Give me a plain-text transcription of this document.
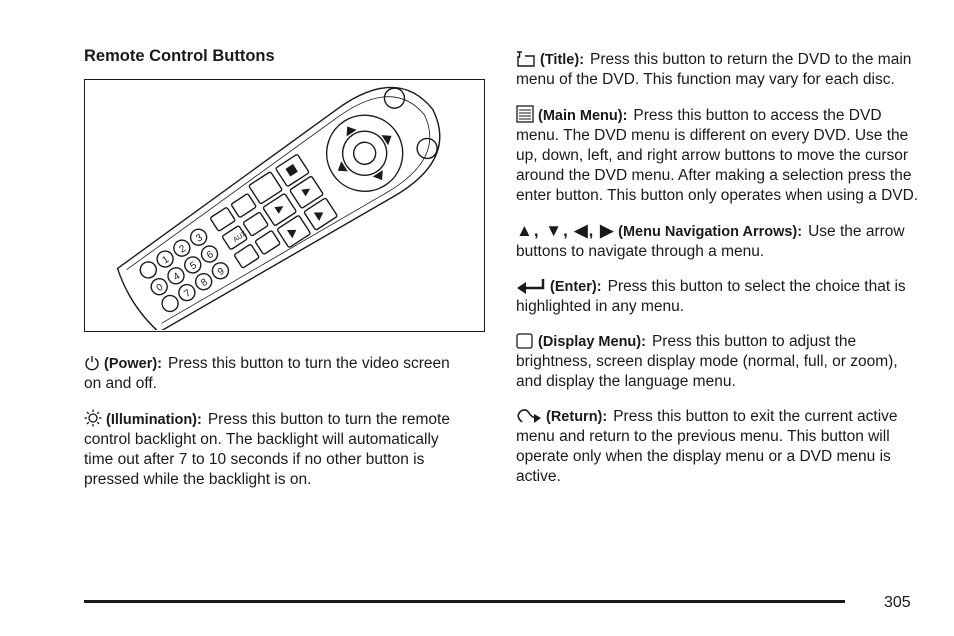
Remote Control Buttons
1
2
3
4
5
6
7
8
9
0
AUX

(Power): Press this button to turn the video screen on and off.

(Illumination): Press this button to turn the remote control backlight on. The backlight will automatically time out after 7 to 10 seconds if no other button is pressed while the backlight is on.

(Title): Press this button to return the DVD to the main menu of the DVD. This function may vary for each disc.

(Main Menu): Press this button to access the DVD menu. The DVD menu is different on every DVD. Use the up, down, left, and right arrow buttons to move the cursor around the DVD menu. After making a selection press the enter button. This button only operates when using a DVD.

▲, ▼, ◀, ▶ (Menu Navigation Arrows): Use the arrow buttons to navigate through a menu.

(Enter): Press this button to select the choice that is highlighted in any menu.

(Display Menu): Press this button to adjust the brightness, screen display mode (normal, full, or zoom), and display the language menu.

(Return): Press this button to exit the current active menu and return to the previous menu. This button will operate only when the display menu or a DVD menu is active.

305
